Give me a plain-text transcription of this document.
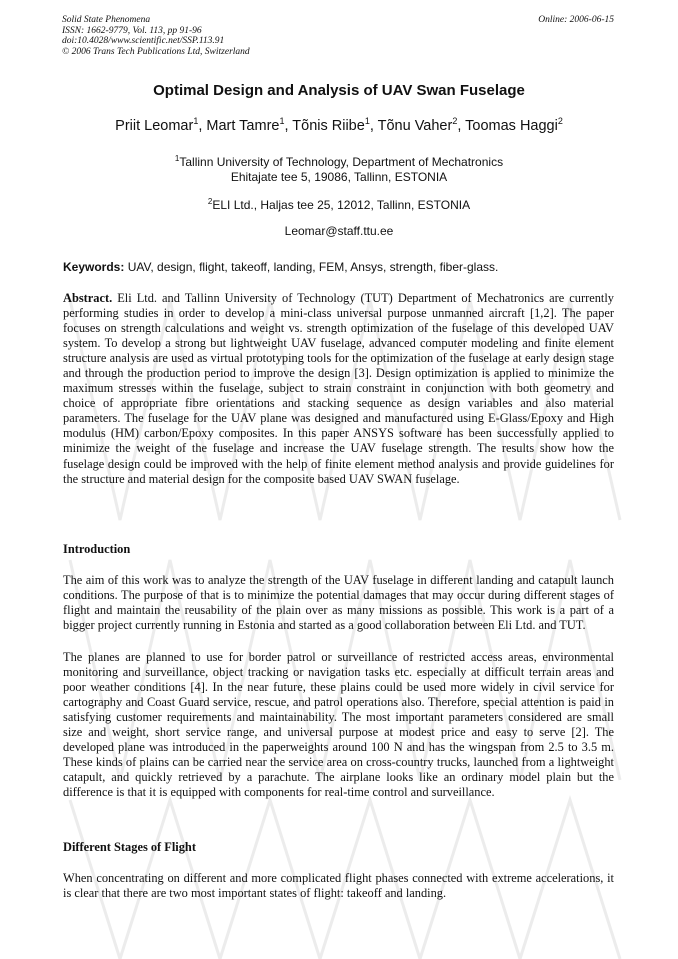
Solid State Phenomena
ISSN: 1662-9779, Vol. 113, pp 91-96
doi:10.4028/www.scientific.net/SSP.113.91
© 2006 Trans Tech Publications Ltd, Switzerland
Online: 2006-06-15
Optimal Design and Analysis of UAV Swan Fuselage
Priit Leomar$^1$, Mart Tamre$^1$, Tõnis Riibe$^1$, Tõnu Vaher$^2$, Toomas Haggi$^2$
$^1$Tallinn University of Technology, Department of Mechatronics
Ehitajate tee 5, 19086, Tallinn, ESTONIA
$^2$ELI Ltd., Haljas tee 25, 12012, Tallinn, ESTONIA
Leomar@staff.ttu.ee
Keywords: UAV, design, flight, takeoff, landing, FEM, Ansys, strength, fiber-glass.
Abstract. Eli Ltd. and Tallinn University of Technology (TUT) Department of Mechatronics are currently performing studies in order to develop a mini-class universal purpose unmanned aircraft [1,2]. The paper focuses on strength calculations and weight vs. strength optimization of the fuselage of this developed UAV system. To develop a strong but lightweight UAV fuselage, advanced computer modeling and finite element structure analysis are used as virtual prototyping tools for the optimization of the fuselage at early design stage and through the production period to improve the design [3]. Design optimization is applied to minimize the maximum stresses within the fuselage, subject to strain constraint in conjunction with both geometry and choice of appropriate fibre orientations and stacking sequence as design variables and also material parameters. The fuselage for the UAV plane was designed and manufactured using E-Glass/Epoxy and High modulus (HM) carbon/Epoxy composites. In this paper ANSYS software has been successfully applied to minimize the weight of the fuselage and increase the UAV fuselage strength. The results show how the fuselage design could be improved with the help of finite element method analysis and provide guidelines for the structure and material design for the composite based UAV SWAN fuselage.
Introduction
The aim of this work was to analyze the strength of the UAV fuselage in different landing and catapult launch conditions. The purpose of that is to minimize the potential damages that may occur during different stages of flight and maintain the reusability of the plain over as many missions as possible. This work is a part of a bigger project currently running in Estonia and started as a good collaboration between Eli Ltd. and TUT.
The planes are planned to use for border patrol or surveillance of restricted access areas, environmental monitoring and surveillance, object tracking or navigation tasks etc. especially at difficult terrain areas and poor weather conditions [4]. In the near future, these plains could be used more widely in civil service for cartography and Coast Guard service, rescue, and patrol operations also. Therefore, special attention is paid in satisfying customer requirements and maintainability. The most important parameters considered are small size and weight, short service range, and universal purpose at modest price and easy to serve [2]. The developed plane was introduced in the paperweights around 100 N and has the wingspan from 2.5 to 3.5 m. These kinds of plains can be carried near the service area on cross-country trucks, launched from a lightweight catapult, and quickly retrieved by a parachute. The airplane looks like an ordinary model plain but the difference is that it is equipped with components for real-time control and surveillance.
Different Stages of Flight
When concentrating on different and more complicated flight phases connected with extreme accelerations, it is clear that there are two most important states of flight: takeoff and landing.
